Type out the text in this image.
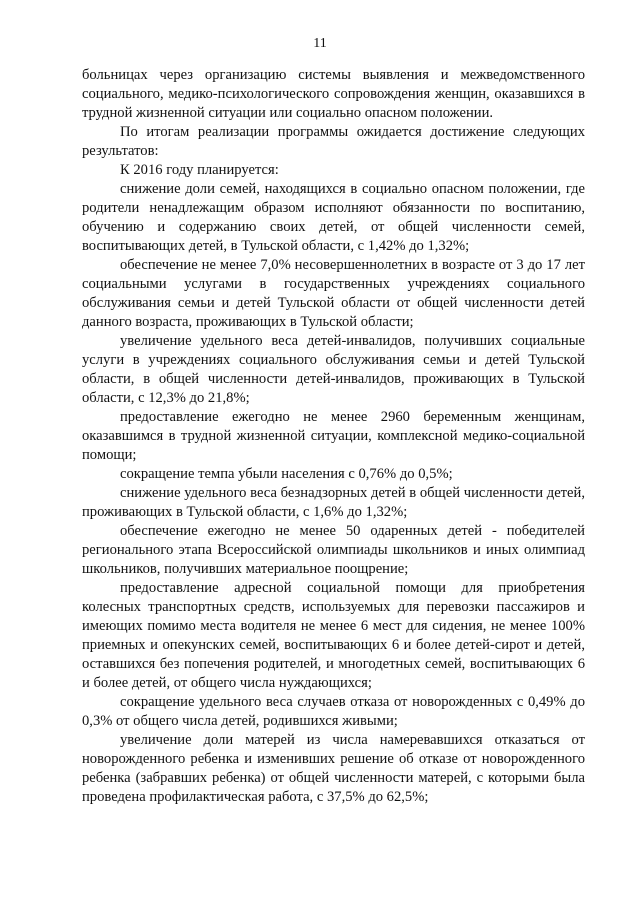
11

больницах через организацию системы выявления и межведомственного социального, медико-психологического сопровождения женщин, оказавшихся в трудной жизненной ситуации или социально опасном положении.

По итогам реализации программы ожидается достижение следующих результатов:

К 2016 году планируется:

снижение доли семей, находящихся в социально опасном положении, где родители ненадлежащим образом исполняют обязанности по воспитанию, обучению и содержанию своих детей, от общей численности семей, воспитывающих детей, в Тульской области, с 1,42% до 1,32%;

обеспечение не менее 7,0% несовершеннолетних в возрасте от 3 до 17 лет социальными услугами в государственных учреждениях социального обслуживания семьи и детей Тульской области от общей численности детей данного возраста, проживающих в Тульской области;

увеличение удельного веса детей-инвалидов, получивших социальные услуги в учреждениях социального обслуживания семьи и детей Тульской области, в общей численности детей-инвалидов, проживающих в Тульской области, с 12,3% до 21,8%;

предоставление ежегодно не менее 2960 беременным женщинам, оказавшимся в трудной жизненной ситуации, комплексной медико-социальной помощи;

сокращение темпа убыли населения с 0,76% до 0,5%;

снижение удельного веса безнадзорных детей в общей численности детей, проживающих в Тульской области, с 1,6% до 1,32%;

обеспечение ежегодно не менее 50 одаренных детей - победителей регионального этапа Всероссийской олимпиады школьников и иных олимпиад школьников, получивших материальное поощрение;

предоставление адресной социальной помощи для приобретения колесных транспортных средств, используемых для перевозки пассажиров и имеющих помимо места водителя не менее 6 мест для сидения, не менее 100% приемных и опекунских семей, воспитывающих 6 и более детей-сирот и детей, оставшихся без попечения родителей, и многодетных семей, воспитывающих 6 и более детей, от общего числа нуждающихся;

сокращение удельного веса случаев отказа от новорожденных с 0,49% до 0,3% от общего числа детей, родившихся живыми;

увеличение доли матерей из числа намеревавшихся отказаться от новорожденного ребенка и изменивших решение об отказе от новорожденного ребенка (забравших ребенка) от общей численности матерей, с которыми была проведена профилактическая работа, с 37,5% до 62,5%;
